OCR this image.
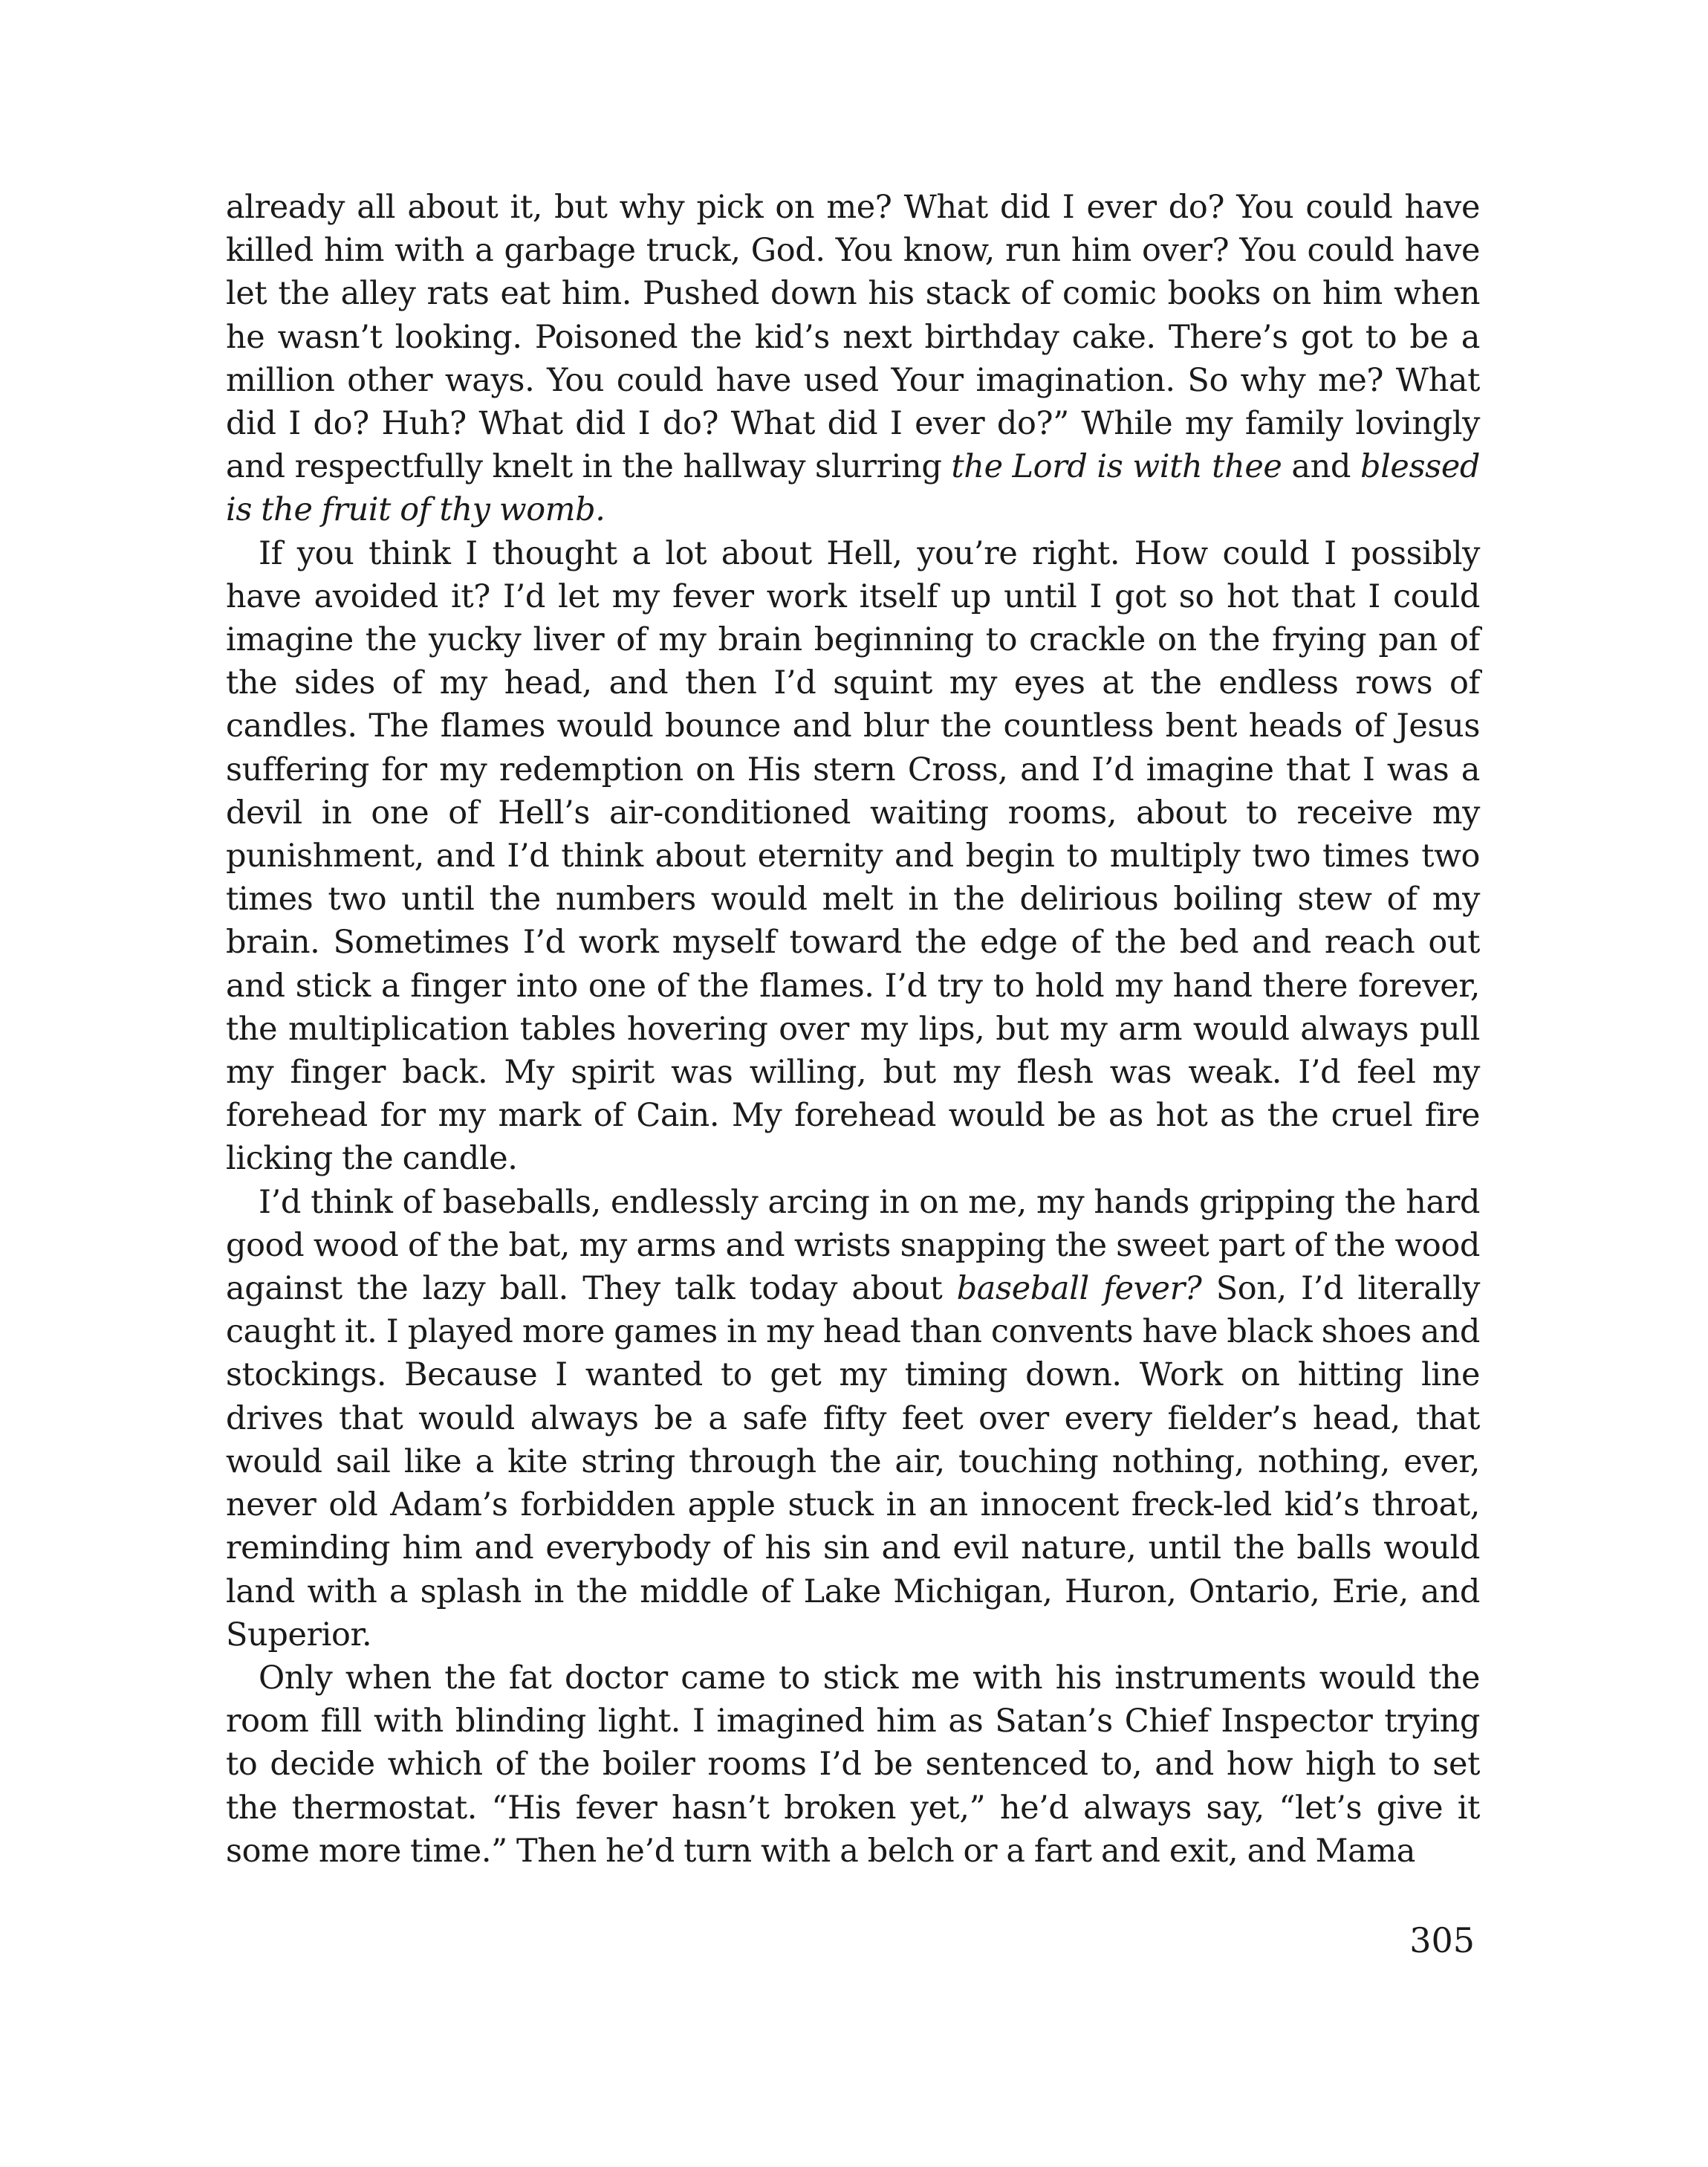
already all about it, but why pick on me? What did I ever do? You could have killed him with a garbage truck, God. You know, run him over? You could have let the alley rats eat him. Pushed down his stack of comic books on him when he wasn’t looking. Poisoned the kid’s next birthday cake. There’s got to be a million other ways. You could have used Your imagination. So why me? What did I do? Huh? What did I do? What did I ever do?” While my family lovingly and respectfully knelt in the hallway slurring the Lord is with thee and blessed is the fruit of thy womb.

If you think I thought a lot about Hell, you’re right. How could I possibly have avoided it? I’d let my fever work itself up until I got so hot that I could imagine the yucky liver of my brain beginning to crackle on the frying pan of the sides of my head, and then I’d squint my eyes at the endless rows of candles. The flames would bounce and blur the countless bent heads of Jesus suffering for my redemption on His stern Cross, and I’d imagine that I was a devil in one of Hell’s air-conditioned waiting rooms, about to receive my punishment, and I’d think about eternity and begin to multiply two times two times two until the numbers would melt in the delirious boiling stew of my brain. Sometimes I’d work myself toward the edge of the bed and reach out and stick a finger into one of the flames. I’d try to hold my hand there forever, the multiplication tables hovering over my lips, but my arm would always pull my finger back. My spirit was willing, but my flesh was weak. I’d feel my forehead for my mark of Cain. My forehead would be as hot as the cruel fire licking the candle.

I’d think of baseballs, endlessly arcing in on me, my hands gripping the hard good wood of the bat, my arms and wrists snapping the sweet part of the wood against the lazy ball. They talk today about baseball fever? Son, I’d literally caught it. I played more games in my head than convents have black shoes and stockings. Because I wanted to get my timing down. Work on hitting line drives that would always be a safe fifty feet over every fielder’s head, that would sail like a kite string through the air, touching nothing, nothing, ever, never old Adam’s forbidden apple stuck in an innocent freck-led kid’s throat, reminding him and everybody of his sin and evil nature, until the balls would land with a splash in the middle of Lake Michigan, Huron, Ontario, Erie, and Superior.

Only when the fat doctor came to stick me with his instruments would the room fill with blinding light. I imagined him as Satan’s Chief Inspector trying to decide which of the boiler rooms I’d be sentenced to, and how high to set the thermostat. “His fever hasn’t broken yet,” he’d always say, “let’s give it some more time.” Then he’d turn with a belch or a fart and exit, and Mama

305
